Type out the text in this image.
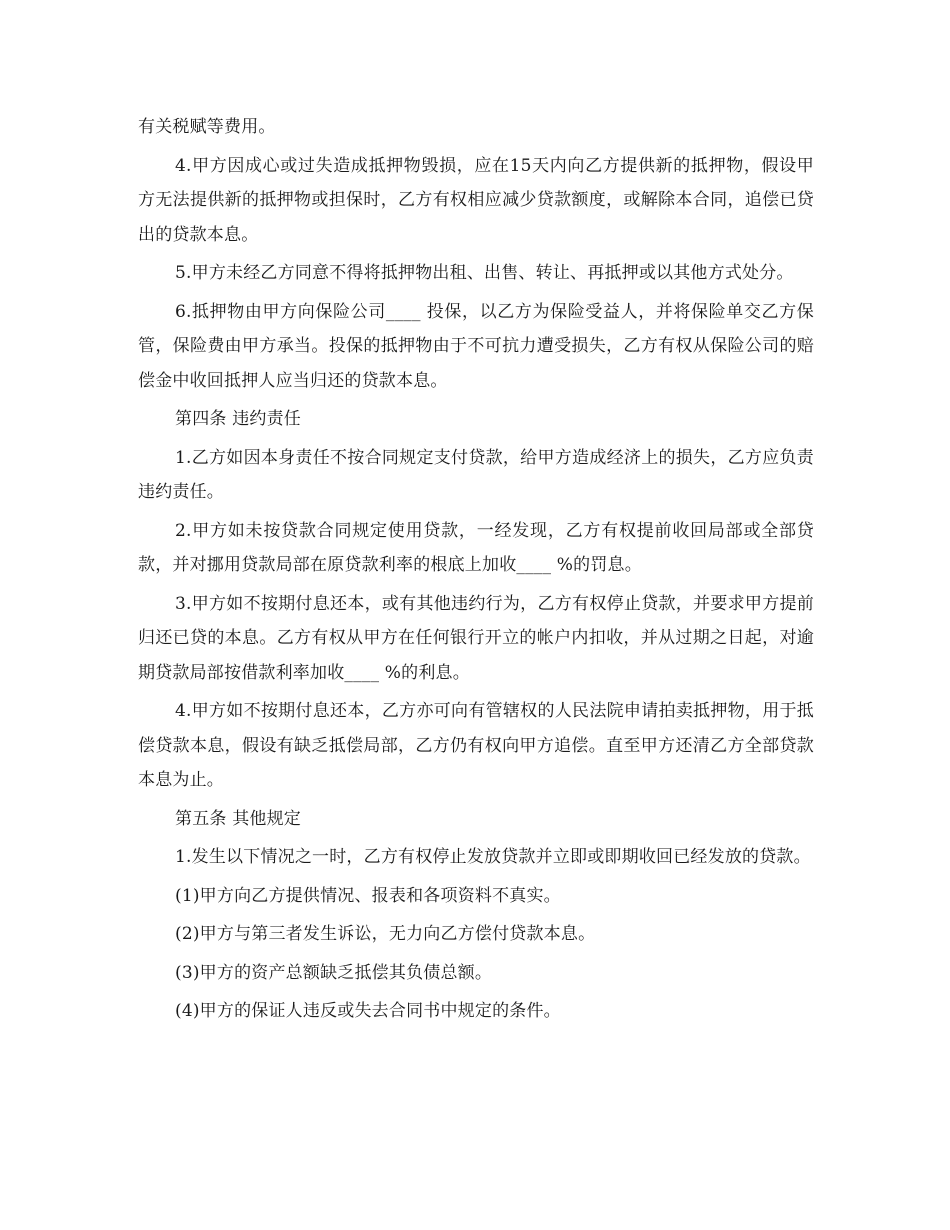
有关税赋等费用。

4.甲方因成心或过失造成抵押物毁损，应在15天内向乙方提供新的抵押物，假设甲方无法提供新的抵押物或担保时，乙方有权相应减少贷款额度，或解除本合同，追偿已贷出的贷款本息。

5.甲方未经乙方同意不得将抵押物出租、出售、转让、再抵押或以其他方式处分。

6.抵押物由甲方向保险公司____ 投保，以乙方为保险受益人，并将保险单交乙方保管，保险费由甲方承当。投保的抵押物由于不可抗力遭受损失，乙方有权从保险公司的赔偿金中收回抵押人应当归还的贷款本息。

第四条 违约责任

1.乙方如因本身责任不按合同规定支付贷款，给甲方造成经济上的损失，乙方应负责违约责任。

2.甲方如未按贷款合同规定使用贷款，一经发现，乙方有权提前收回局部或全部贷款，并对挪用贷款局部在原贷款利率的根底上加收____ %的罚息。

3.甲方如不按期付息还本，或有其他违约行为，乙方有权停止贷款，并要求甲方提前归还已贷的本息。乙方有权从甲方在任何银行开立的帐户内扣收，并从过期之日起，对逾期贷款局部按借款利率加收____ %的利息。

4.甲方如不按期付息还本，乙方亦可向有管辖权的人民法院申请拍卖抵押物，用于抵偿贷款本息，假设有缺乏抵偿局部，乙方仍有权向甲方追偿。直至甲方还清乙方全部贷款本息为止。

第五条 其他规定

1.发生以下情况之一时，乙方有权停止发放贷款并立即或即期收回已经发放的贷款。

(1)甲方向乙方提供情况、报表和各项资料不真实。

(2)甲方与第三者发生诉讼，无力向乙方偿付贷款本息。

(3)甲方的资产总额缺乏抵偿其负债总额。

(4)甲方的保证人违反或失去合同书中规定的条件。
